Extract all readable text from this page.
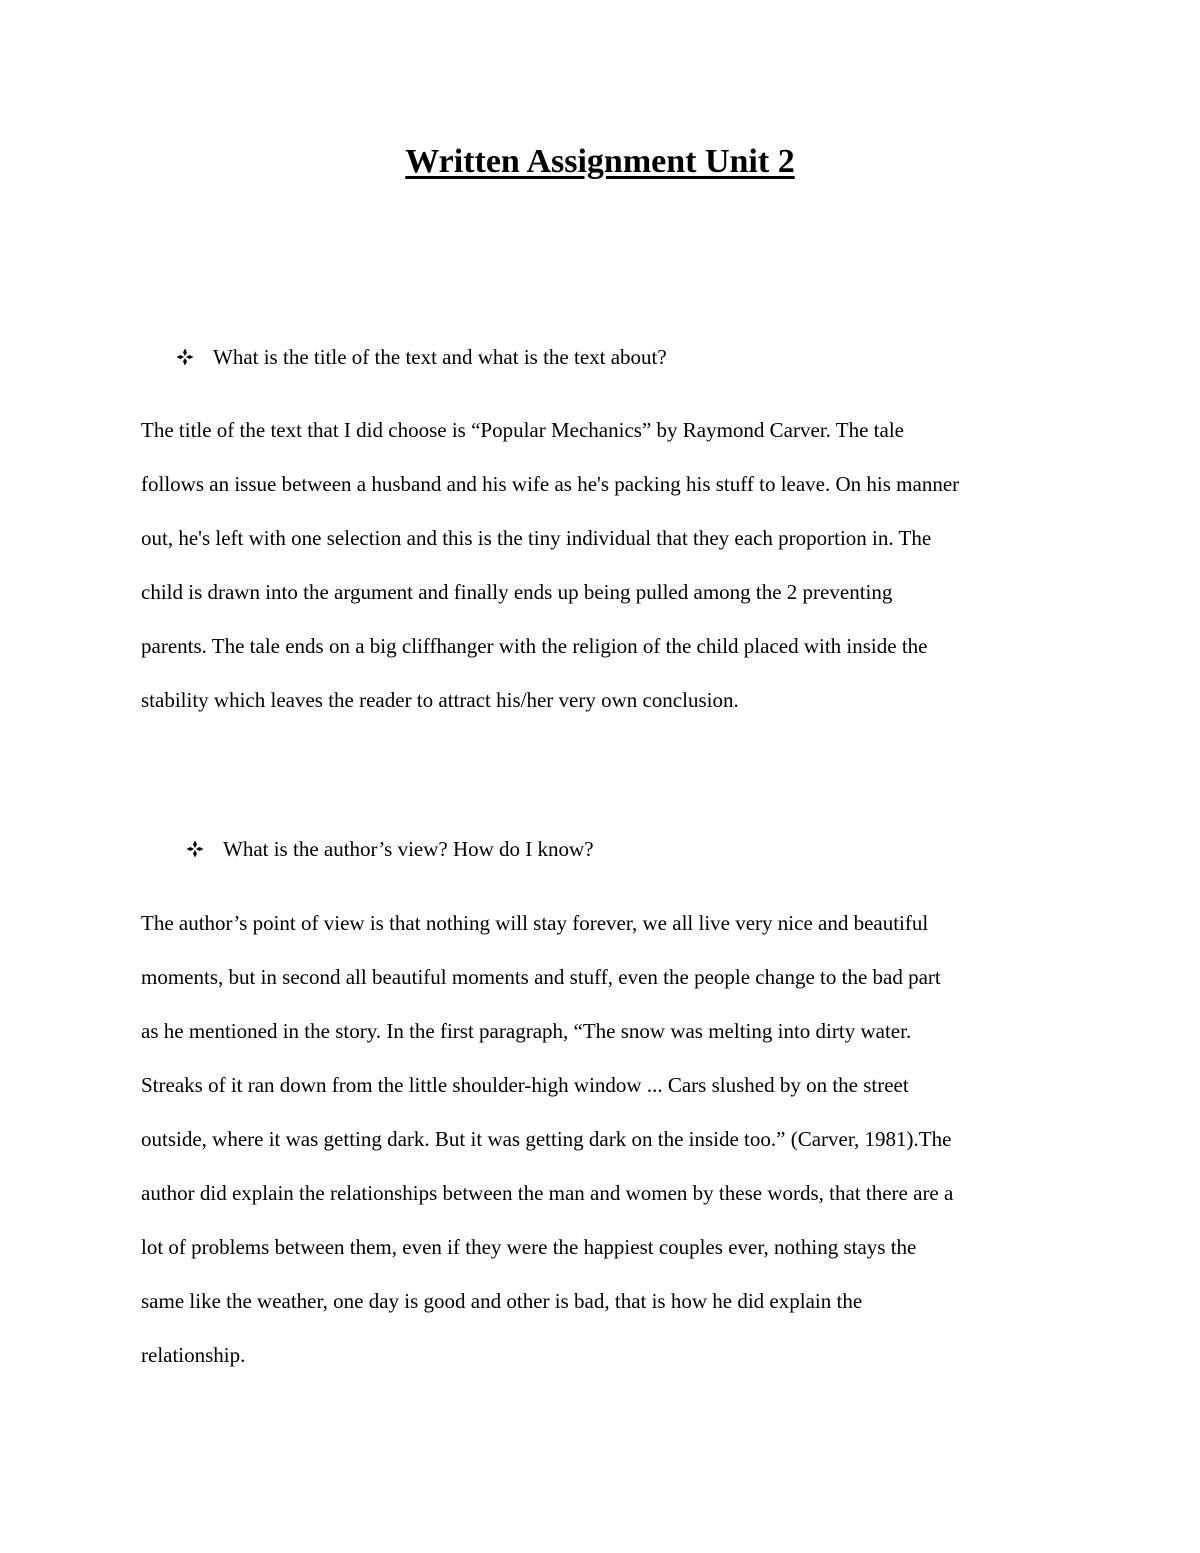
Written Assignment Unit 2
What is the title of the text and what is the text about?
The title of the text that I did choose is “Popular Mechanics” by Raymond Carver. The tale
follows an issue between a husband and his wife as he's packing his stuff to leave. On his manner
out, he's left with one selection and this is the tiny individual that they each proportion in. The
child is drawn into the argument and finally ends up being pulled among the 2 preventing
parents. The tale ends on a big cliffhanger with the religion of the child placed with inside the
stability which leaves the reader to attract his/her very own conclusion.
What is the author’s view? How do I know?
The author’s point of view is that nothing will stay forever, we all live very nice and beautiful
moments, but in second all beautiful moments and stuff, even the people change to the bad part
as he mentioned in the story. In the first paragraph, “The snow was melting into dirty water.
Streaks of it ran down from the little shoulder-high window ... Cars slushed by on the street
outside, where it was getting dark. But it was getting dark on the inside too.” (Carver, 1981).The
author did explain the relationships between the man and women by these words, that there are a
lot of problems between them, even if they were the happiest couples ever, nothing stays the
same like the weather, one day is good and other is bad, that is how he did explain the
relationship.
